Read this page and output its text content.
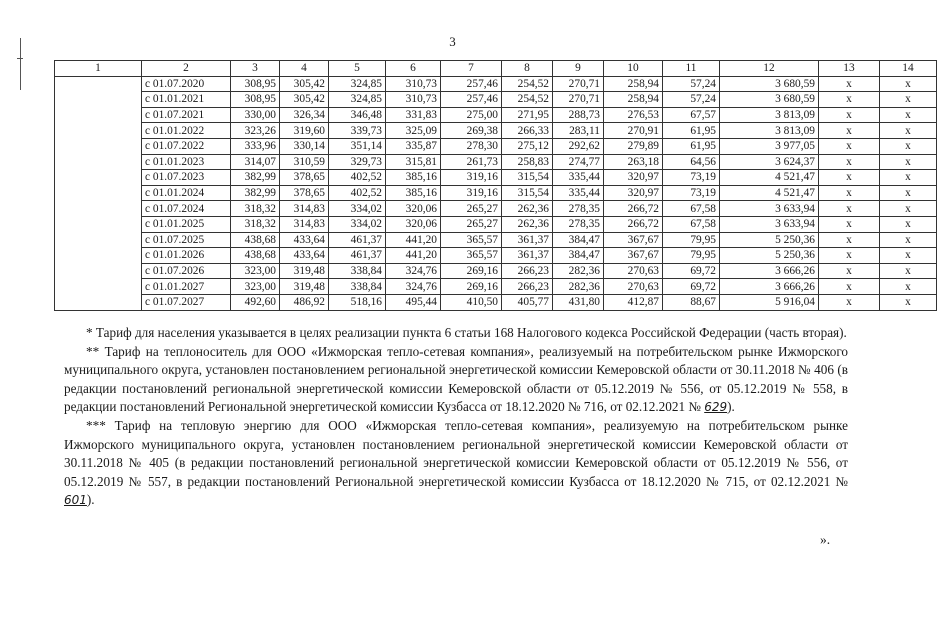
3
1	2	3	4	5	6	7	8	9	10	11	12	13	14
	с 01.07.2020	308,95	305,42	324,85	310,73	257,46	254,52	270,71	258,94	57,24	3 680,59	х	х
	с 01.01.2021	308,95	305,42	324,85	310,73	257,46	254,52	270,71	258,94	57,24	3 680,59	х	х
	с 01.07.2021	330,00	326,34	346,48	331,83	275,00	271,95	288,73	276,53	67,57	3 813,09	х	х
	с 01.01.2022	323,26	319,60	339,73	325,09	269,38	266,33	283,11	270,91	61,95	3 813,09	х	х
	с 01.07.2022	333,96	330,14	351,14	335,87	278,30	275,12	292,62	279,89	61,95	3 977,05	х	х
	с 01.01.2023	314,07	310,59	329,73	315,81	261,73	258,83	274,77	263,18	64,56	3 624,37	х	х
	с 01.07.2023	382,99	378,65	402,52	385,16	319,16	315,54	335,44	320,97	73,19	4 521,47	х	х
	с 01.01.2024	382,99	378,65	402,52	385,16	319,16	315,54	335,44	320,97	73,19	4 521,47	х	х
	с 01.07.2024	318,32	314,83	334,02	320,06	265,27	262,36	278,35	266,72	67,58	3 633,94	х	х
	с 01.01.2025	318,32	314,83	334,02	320,06	265,27	262,36	278,35	266,72	67,58	3 633,94	х	х
	с 01.07.2025	438,68	433,64	461,37	441,20	365,57	361,37	384,47	367,67	79,95	5 250,36	х	х
	с 01.01.2026	438,68	433,64	461,37	441,20	365,57	361,37	384,47	367,67	79,95	5 250,36	х	х
	с 01.07.2026	323,00	319,48	338,84	324,76	269,16	266,23	282,36	270,63	69,72	3 666,26	х	х
	с 01.01.2027	323,00	319,48	338,84	324,76	269,16	266,23	282,36	270,63	69,72	3 666,26	х	х
	с 01.07.2027	492,60	486,92	518,16	495,44	410,50	405,77	431,80	412,87	88,67	5 916,04	х	х

* Тариф для населения указывается в целях реализации пункта 6 статьи 168 Налогового кодекса Российской Федерации (часть вторая).

** Тариф на теплоноситель для ООО «Ижморская тепло-сетевая компания», реализуемый на потребительском рынке Ижморского муниципального округа, установлен постановлением региональной энергетической комиссии Кемеровской области от 30.11.2018 № 406 (в редакции постановлений региональной энергетической комиссии Кемеровской области от 05.12.2019 № 556, от 05.12.2019 № 558, в редакции постановлений Региональной энергетической комиссии Кузбасса от 18.12.2020 № 716, от 02.12.2021 № 629).

*** Тариф на тепловую энергию для ООО «Ижморская тепло-сетевая компания», реализуемую на потребительском рынке Ижморского муниципального округа, установлен постановлением региональной энергетической комиссии Кемеровской области от 30.11.2018 № 405 (в редакции постановлений региональной энергетической комиссии Кемеровской области от 05.12.2019 № 556, от 05.12.2019 № 557, в редакции постановлений Региональной энергетической комиссии Кузбасса от 18.12.2020 № 715, от 02.12.2021 № 601).

».
